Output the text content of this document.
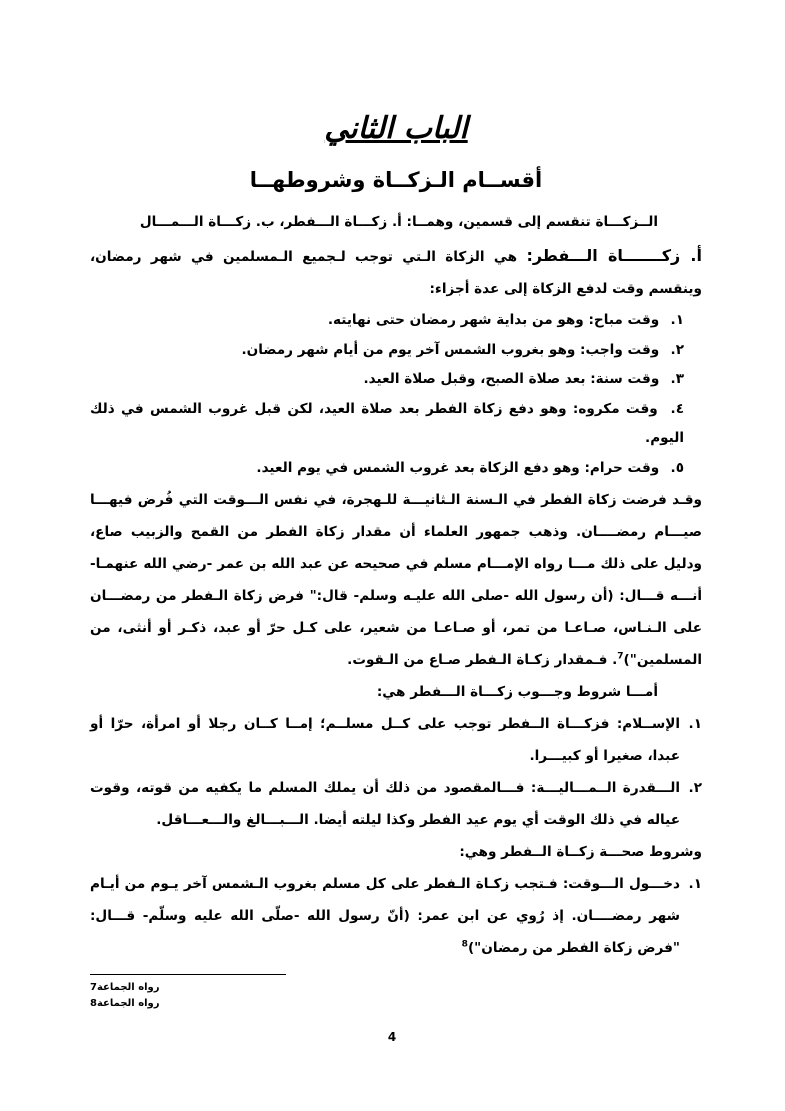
الباب الثاني
أقســام الـزكــاة وشروطهــا

الــزكـــاة تنقسم إلى قسمين، وهمــا: أ. زكـــاة الـــفطر، ب. زكـــاة الـــمـــال

أ. زكـــــــاة الـــفطر: هي الزكاة الـتي توجب لـجميع الـمسلمين في شهر رمضان، وينقسم وقت لدفع الزكاة إلى عدة أجزاء:

١. وقت مباح: وهو من بداية شهر رمضان حتى نهايته.
٢. وقت واجب: وهو بغروب الشمس آخر يوم من أيام شهر رمضان.
٣. وقت سنة: بعد صلاة الصبح، وقبل صلاة العيد.
٤. وقت مكروه: وهو دفع زكاة الفطر بعد صلاة العيد، لكن قبل غروب الشمس في ذلك اليوم.
٥. وقت حرام: وهو دفع الزكاة بعد غروب الشمس في يوم العيد.

وقـد فرضت زكاة الفطر في الـسنة الـثانيـــة للـهجرة، في نفس الـــوقت التي فُرض فيهـــا صيـــام رمضــــان. وذهب جمهور العلماء أن مقدار زكاة الفطر من القمح والزبيب صاع، ودليل على ذلك مـــا رواه الإمـــام مسلم في صحيحه عن عبد الله بن عمر -رضي الله عنهمـا- أنـــه قـــال: (أن رسول الله -صلى الله عليـه وسلم- قال:" فرض زكاة الـفطر من رمضـــان على الـنـاس، صـاعـا من تمر، أو صـاعـا من شعير، على كـل حرّ أو عبد، ذكـر أو أنثى، من المسلمين")$^7$. فـمقدار زكـاة الـفطر صـاع من الـقوت.

أمـــا شروط وجـــوب زكـــاة الـــفطر هي:

١.الإســلام: فزكـــاة الــفطر توجب على كــل مسلــم؛ إمــا كــان رجلا أو امرأة، حرّا أو عبدا، صغيرا أو كبيـــرا.
٢.الـــقدرة الــمـــاليـــة: فـــالمقصود من ذلك أن يملك المسلم ما يكفيه من قوته، وقوت عياله في ذلك الوقت أي يوم عيد الفطر وكذا ليلته أيضا. الـــبـــالغ والـــعـــاقل.

وشروط صحـــة زكــاة الــفطر وهي:

١.دخـــول الـــوقت: فـتجب زكـاة الـفطر على كل مسلم بغروب الـشمس آخر يـوم من أيـام شهر رمضــــان. إذ رُوي عن ابن عمر: (أنّ رسول الله -صلّى الله عليه وسلّم- قـــال: "فرض زكاة الفطر من رمضان")$^8$
رواه الجماعة7
رواه الجماعة8
4
